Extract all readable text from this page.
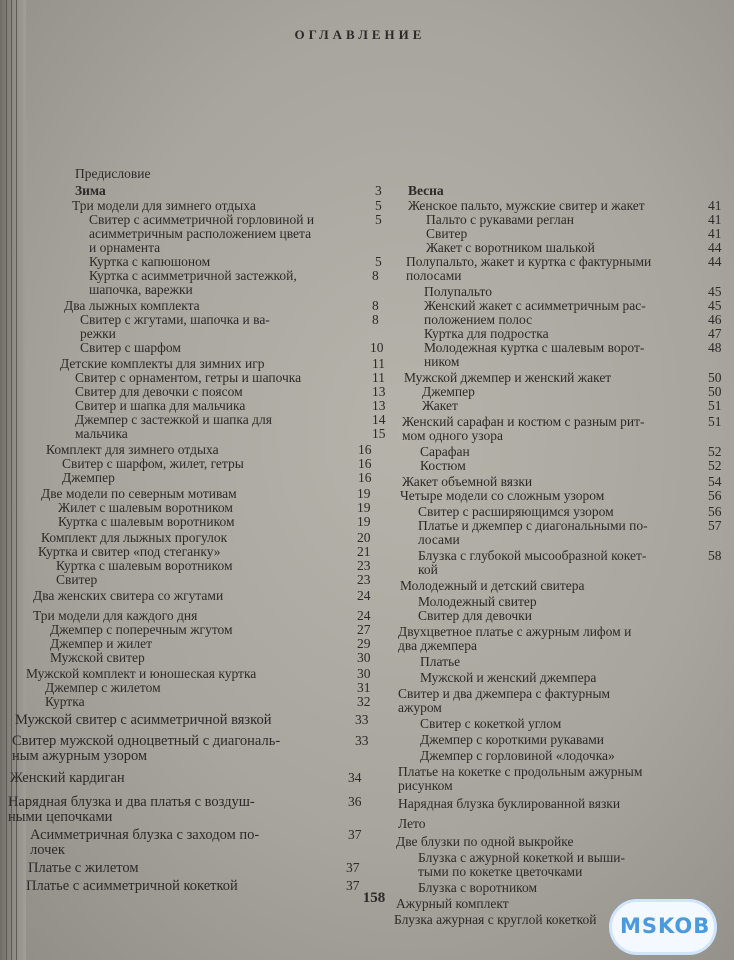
ОГЛАВЛЕНИЕ
Предисловие
Зима	3
Три модели для зимнего отдыха	5
Свитер с асимметричной горловиной и	5
асимметричным расположением цвета
и орнамента
Куртка с капюшоном	5
Куртка с асимметричной застежкой,	8
шапочка, варежки
Два лыжных комплекта	8
Свитер с жгутами, шапочка и ва-	8
режки
Свитер с шарфом	10
Детские комплекты для зимних игр	11
Свитер с орнаментом, гетры и шапочка	11
Свитер для девочки с поясом	13
Свитер и шапка для мальчика	13
Джемпер с застежкой и шапка для	14
мальчика	15
Комплект для зимнего отдыха	16
Свитер с шарфом, жилет, гетры	16
Джемпер	16
Две модели по северным мотивам	19
Жилет с шалевым воротником	19
Куртка с шалевым воротником	19
Комплект для лыжных прогулок	20
Куртка и свитер «под стеганку»	21
Куртка с шалевым воротником	23
Свитер	23
Два женских свитера со жгутами	24
Три модели для каждого дня	24
Джемпер с поперечным жгутом	27
Джемпер и жилет	29
Мужской свитер	30
Мужской комплект и юношеская куртка	30
Джемпер с жилетом	31
Куртка	32
Мужской свитер с асимметричной вязкой	33
Свитер мужской одноцветный с диагональ-	33
ным ажурным узором
Женский кардиган	34
Нарядная блузка и два платья с воздуш-	36
ными цепочками
Асимметричная блузка с заходом по-	37
лочек
Платье с жилетом	37
Платье с асимметричной кокеткой	37
Весна
Женское пальто, мужские свитер и жакет	41
Пальто с рукавами реглан	41
Свитер	41
Жакет с воротником шалькой	44
Полупальто, жакет и куртка с фактурными	44
полосами
Полупальто	45
Женский жакет с асимметричным рас-	45
положением полос	46
Куртка для подростка	47
Молодежная куртка с шалевым ворот-	48
ником
Мужской джемпер и женский жакет	50
Джемпер	50
Жакет	51
Женский сарафан и костюм с разным рит-	51
мом одного узора
Сарафан	52
Костюм	52
Жакет объемной вязки	54
Четыре модели со сложным узором	56
Свитер с расширяющимся узором	56
Платье и джемпер с диагональными по-	57
лосами
Блузка с глубокой мысообразной кокет-	58
кой
Молодежный и детский свитера
Молодежный свитер
Свитер для девочки
Двухцветное платье с ажурным лифом и
два джемпера
Платье
Мужской и женский джемпера
Свитер и два джемпера с фактурным
ажуром
Свитер с кокеткой углом
Джемпер с короткими рукавами
Джемпер с горловиной «лодочка»
Платье на кокетке с продольным ажурным
рисунком
Нарядная блузка буклированной вязки
Лето
Две блузки по одной выкройке
Блузка с ажурной кокеткой и выши-
тыми по кокетке цветочками
Блузка с воротником
Ажурный комплект
Блузка ажурная с круглой кокеткой
158
MSKOB
